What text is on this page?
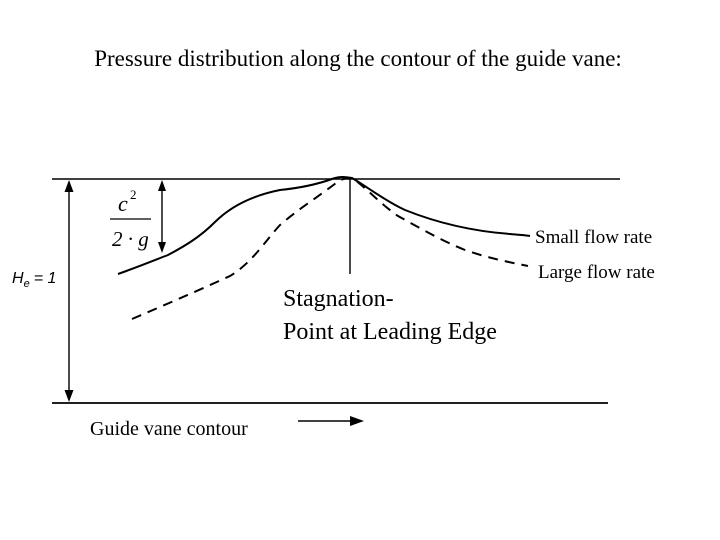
Pressure distribution along the contour of the guide vane:
$H_e = 1$
c 2
2 · g	Small flow rate
Large flow rate
Stagnation-
Point at Leading Edge
Guide vane contour
